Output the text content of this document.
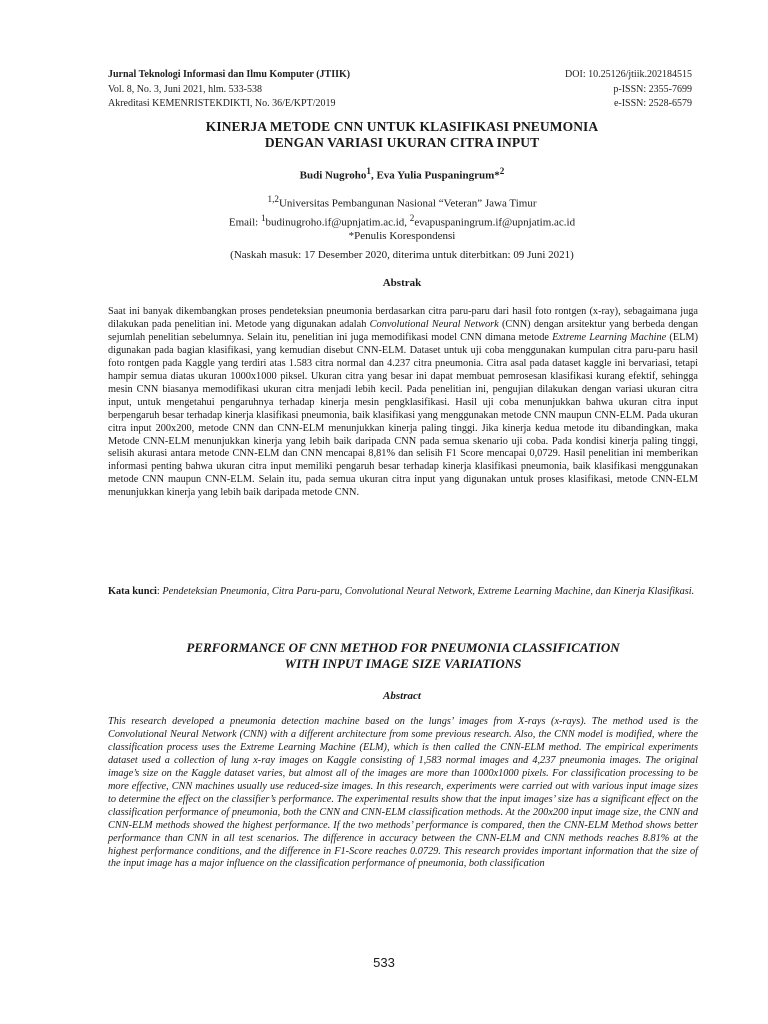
Jurnal Teknologi Informasi dan Ilmu Komputer (JTIIK)	DOI: 10.25126/jtiik.202184515
Vol. 8, No. 3, Juni 2021, hlm. 533-538	p-ISSN: 2355-7699
Akreditasi KEMENRISTEKDIKTI, No. 36/E/KPT/2019	e-ISSN: 2528-6579
KINERJA METODE CNN UNTUK KLASIFIKASI PNEUMONIA
DENGAN VARIASI UKURAN CITRA INPUT
Budi Nugroho$^1$, Eva Yulia Puspaningrum*$^2$
$^{1,2}$Universitas Pembangunan Nasional “Veteran” Jawa Timur
Email: $^1$budinugroho.if@upnjatim.ac.id, $^2$evapuspaningrum.if@upnjatim.ac.id
*Penulis Korespondensi
(Naskah masuk: 17 Desember 2020, diterima untuk diterbitkan: 09 Juni 2021)
Abstrak
Saat ini banyak dikembangkan proses pendeteksian pneumonia berdasarkan citra paru-paru dari hasil foto rontgen (x-ray), sebagaimana juga dilakukan pada penelitian ini. Metode yang digunakan adalah Convolutional Neural Network (CNN) dengan arsitektur yang berbeda dengan sejumlah penelitian sebelumnya. Selain itu, penelitian ini juga memodifikasi model CNN dimana metode Extreme Learning Machine (ELM) digunakan pada bagian klasifikasi, yang kemudian disebut CNN-ELM. Dataset untuk uji coba menggunakan kumpulan citra paru-paru hasil foto rontgen pada Kaggle yang terdiri atas 1.583 citra normal dan 4.237 citra pneumonia. Citra asal pada dataset kaggle ini bervariasi, tetapi hampir semua diatas ukuran 1000x1000 piksel. Ukuran citra yang besar ini dapat membuat pemrosesan klasifikasi kurang efektif, sehingga mesin CNN biasanya memodifikasi ukuran citra menjadi lebih kecil. Pada penelitian ini, pengujian dilakukan dengan variasi ukuran citra input, untuk mengetahui pengaruhnya terhadap kinerja mesin pengklasifikasi. Hasil uji coba menunjukkan bahwa ukuran citra input berpengaruh besar terhadap kinerja klasifikasi pneumonia, baik klasifikasi yang menggunakan metode CNN maupun CNN-ELM. Pada ukuran citra input 200x200, metode CNN dan CNN-ELM menunjukkan kinerja paling tinggi. Jika kinerja kedua metode itu dibandingkan, maka Metode CNN-ELM menunjukkan kinerja yang lebih baik daripada CNN pada semua skenario uji coba. Pada kondisi kinerja paling tinggi, selisih akurasi antara metode CNN-ELM dan CNN mencapai 8,81% dan selisih F1 Score mencapai 0,0729. Hasil penelitian ini memberikan informasi penting bahwa ukuran citra input memiliki pengaruh besar terhadap kinerja klasifikasi pneumonia, baik klasifikasi menggunakan metode CNN maupun CNN-ELM. Selain itu, pada semua ukuran citra input yang digunakan untuk proses klasifikasi, metode CNN-ELM menunjukkan kinerja yang lebih baik daripada metode CNN.
Kata kunci: Pendeteksian Pneumonia, Citra Paru-paru, Convolutional Neural Network, Extreme Learning Machine, dan Kinerja Klasifikasi.
PERFORMANCE OF CNN METHOD FOR PNEUMONIA CLASSIFICATION
WITH INPUT IMAGE SIZE VARIATIONS
Abstract
This research developed a pneumonia detection machine based on the lungs’ images from X-rays (x-rays). The method used is the Convolutional Neural Network (CNN) with a different architecture from some previous research. Also, the CNN model is modified, where the classification process uses the Extreme Learning Machine (ELM), which is then called the CNN-ELM method. The empirical experiments dataset used a collection of lung x-ray images on Kaggle consisting of 1,583 normal images and 4,237 pneumonia images. The original image’s size on the Kaggle dataset varies, but almost all of the images are more than 1000x1000 pixels. For classification processing to be more effective, CNN machines usually use reduced-size images. In this research, experiments were carried out with various input image sizes to determine the effect on the classifier’s performance. The experimental results show that the input images’ size has a significant effect on the classification performance of pneumonia, both the CNN and CNN-ELM classification methods. At the 200x200 input image size, the CNN and CNN-ELM methods showed the highest performance. If the two methods’ performance is compared, then the CNN-ELM Method shows better performance than CNN in all test scenarios. The difference in accuracy between the CNN-ELM and CNN methods reaches 8.81% at the highest performance conditions, and the difference in F1-Score reaches 0.0729. This research provides important information that the size of the input image has a major influence on the classification performance of pneumonia, both classification
533
